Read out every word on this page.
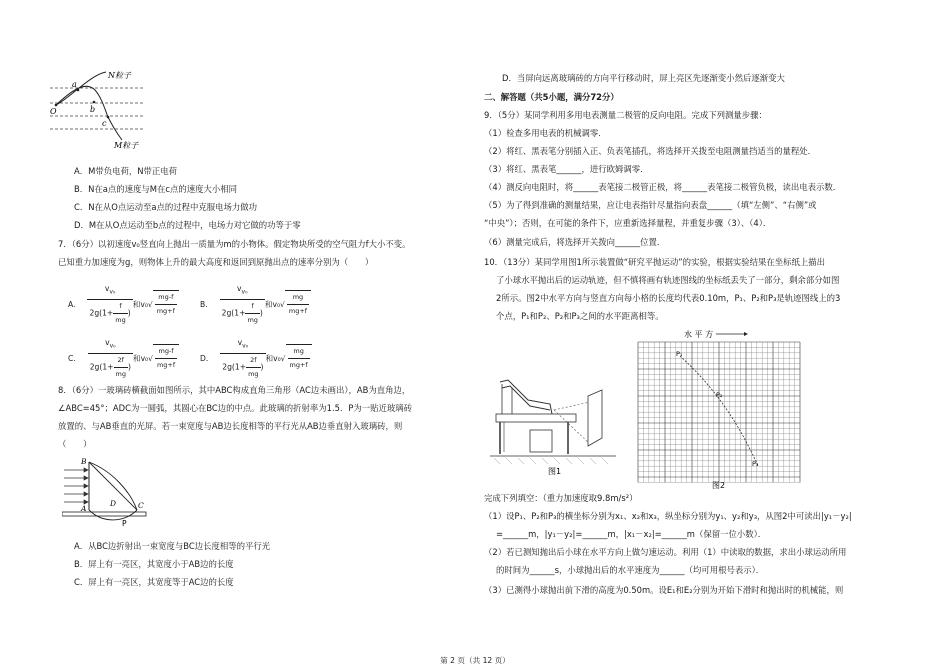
N粒子
M粒子
a
O	b
c
A．M带负电荷，N带正电荷
B．N在a点的速度与M在c点的速度大小相同
C．N在从O点运动至a点的过程中克服电场力做功
D．M在从O点运动至b点的过程中，电场力对它做的功等于零
7．（6分）以初速度v₀竖直向上抛出一质量为m的小物体。假定物块所受的空气阻力f大小不变。
已知重力加速度为g，则物体上升的最大高度和返回到原抛出点的速率分别为（　　）
A. $\frac{v_{v_0}}{2g(1+ \frac{f}{mg} )}$ 和 v₀ √ $\frac{mg-f}{mg+f}$	B. $\frac{v_{v_0}}{2g(1+ \frac{f}{mg} )}$ 和 v₀ √ $\frac{mg}{mg+f}$
C. $\frac{v_{v_0}}{2g(1+ \frac{2f}{mg} )}$ 和 v₀ √ $\frac{mg-f}{mg+f}$	D. $\frac{v_{v_0}}{2g(1+ \frac{2f}{mg} )}$ 和 v₀ √ $\frac{mg}{mg+f}$
8．（6分）一玻璃砖横截面如图所示，其中ABC构成直角三角形（AC边未画出），AB为直角边，
∠ABC=45°；ADC为一圆弧，其圆心在BC边的中点。此玻璃的折射率为1.5．P为一贴近玻璃砖
放置的、与AB垂直的光屏。若一束宽度与AB边长度相等的平行光从AB边垂直射入玻璃砖，则
（　　）
B
A	C
D
P
A．从BC边折射出一束宽度与BC边长度相等的平行光
B．屏上有一亮区，其宽度小于AB边的长度
C．屏上有一亮区，其宽度等于AC边的长度
D．当屏向远离玻璃砖的方向平行移动时，屏上亮区先逐渐变小然后逐渐变大
二、解答题（共5小题，满分72分）
9．（5分）某同学利用多用电表测量二极管的反向电阻。完成下列测量步骤：
（1）检查多用电表的机械调零．
（2）将红、黑表笔分别插入正、负表笔插孔，将选择开关拨至电阻测量挡适当的量程处．
（3）将红、黑表笔______，进行欧姆调零．
（4）测反向电阻时，将______表笔接二极管正极，将______表笔接二极管负极，读出电表示数．
（5）为了得到准确的测量结果，应让电表指针尽量指向表盘______（填“左侧”、“右侧”或
“中央”）；否则，在可能的条件下，应重新选择量程，并重复步骤（3）、（4）．
（6）测量完成后，将选择开关拨向______位置．
10．（13分）某同学用图1所示装置做“研究平抛运动”的实验，根据实验结果在坐标纸上描出
了小球水平抛出后的运动轨迹，但不慎将画有轨迹图线的坐标纸丢失了一部分，剩余部分如图
2所示。图2中水平方向与竖直方向每小格的长度均代表0.10m，P₁、P₂和P₃是轨迹图线上的3
个点，P₁和P₂、P₂和P₃之间的水平距离相等。
图1
水 平 方
P₁
P₂
P₃
图2
完成下列填空：（重力加速度取9.8m/s²）
（1）设P₁、P₂和P₃的横坐标分别为x₁、x₂和x₃，纵坐标分别为y₁、y₂和y₃，从图2中可读出|y₁－y₂|
=______m，|y₁－y₂|=______m，|x₁－x₂|=______m（保留一位小数）．
（2）若已测知抛出后小球在水平方向上做匀速运动。利用（1）中读取的数据，求出小球运动所用
的时间为______s，小球抛出后的水平速度为______（均可用根号表示）．
（3）已测得小球抛出前下滑的高度为0.50m。设E₁和E₂分别为开始下滑时和抛出时的机械能，则
第 2 页（共 12 页）
